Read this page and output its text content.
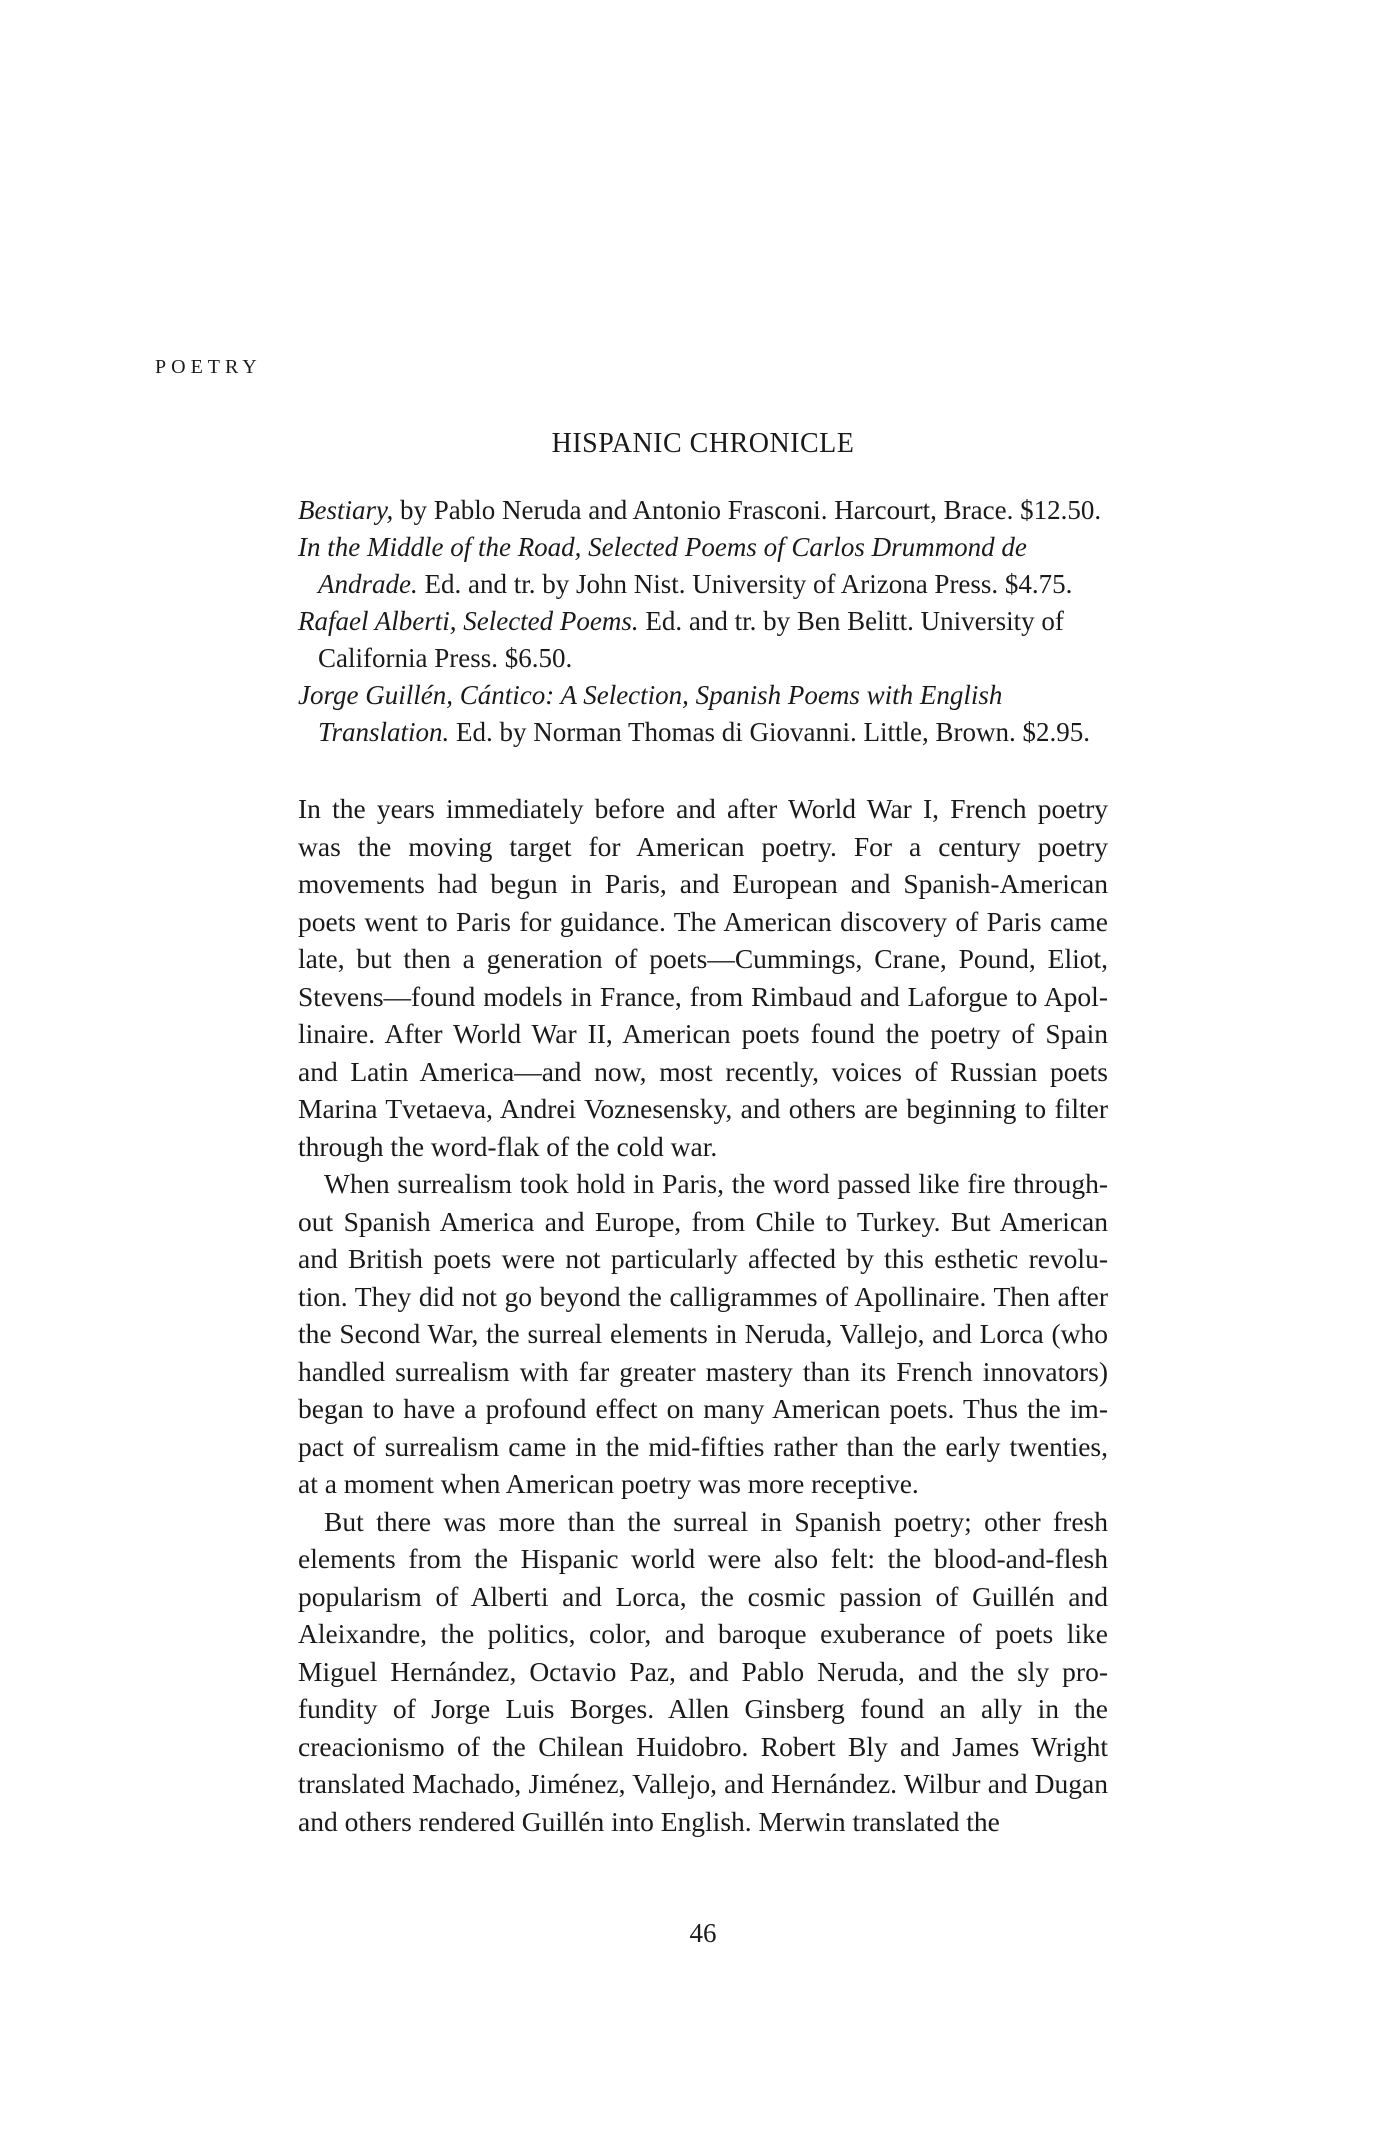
POETRY
HISPANIC CHRONICLE

Bestiary, by Pablo Neruda and Antonio Frasconi. Harcourt, Brace. $12.50.

In the Middle of the Road, Selected Poems of Carlos Drummond de Andrade. Ed. and tr. by John Nist. University of Arizona Press. $4.75.

Rafael Alberti, Selected Poems. Ed. and tr. by Ben Belitt. University of California Press. $6.50.

Jorge Guillén, Cántico: A Selection, Spanish Poems with English Translation. Ed. by Norman Thomas di Giovanni. Little, Brown. $2.95.

In the years immediately before and after World War I, French poetry was the moving target for American poetry. For a century poetry movements had begun in Paris, and European and Spanish-American poets went to Paris for guidance. The American discovery of Paris came late, but then a generation of poets—Cummings, Crane, Pound, Eliot, Stevens—found models in France, from Rimbaud and Laforgue to Apollinaire. After World War II, American poets found the poetry of Spain and Latin America—and now, most recently, voices of Russian poets Marina Tvetaeva, Andrei Voznesensky, and others are beginning to filter through the word-flak of the cold war.

When surrealism took hold in Paris, the word passed like fire throughout Spanish America and Europe, from Chile to Turkey. But American and British poets were not particularly affected by this esthetic revolution. They did not go beyond the calligrammes of Apollinaire. Then after the Second War, the surreal elements in Neruda, Vallejo, and Lorca (who handled surrealism with far greater mastery than its French innovators) began to have a profound effect on many American poets. Thus the impact of surrealism came in the mid-fifties rather than the early twenties, at a moment when American poetry was more receptive.

But there was more than the surreal in Spanish poetry; other fresh elements from the Hispanic world were also felt: the blood-and-flesh popularism of Alberti and Lorca, the cosmic passion of Guillén and Aleixandre, the politics, color, and baroque exuberance of poets like Miguel Hernández, Octavio Paz, and Pablo Neruda, and the sly profundity of Jorge Luis Borges. Allen Ginsberg found an ally in the creacionismo of the Chilean Huidobro. Robert Bly and James Wright translated Machado, Jiménez, Vallejo, and Hernández. Wilbur and Dugan and others rendered Guillén into English. Merwin translated the

46
